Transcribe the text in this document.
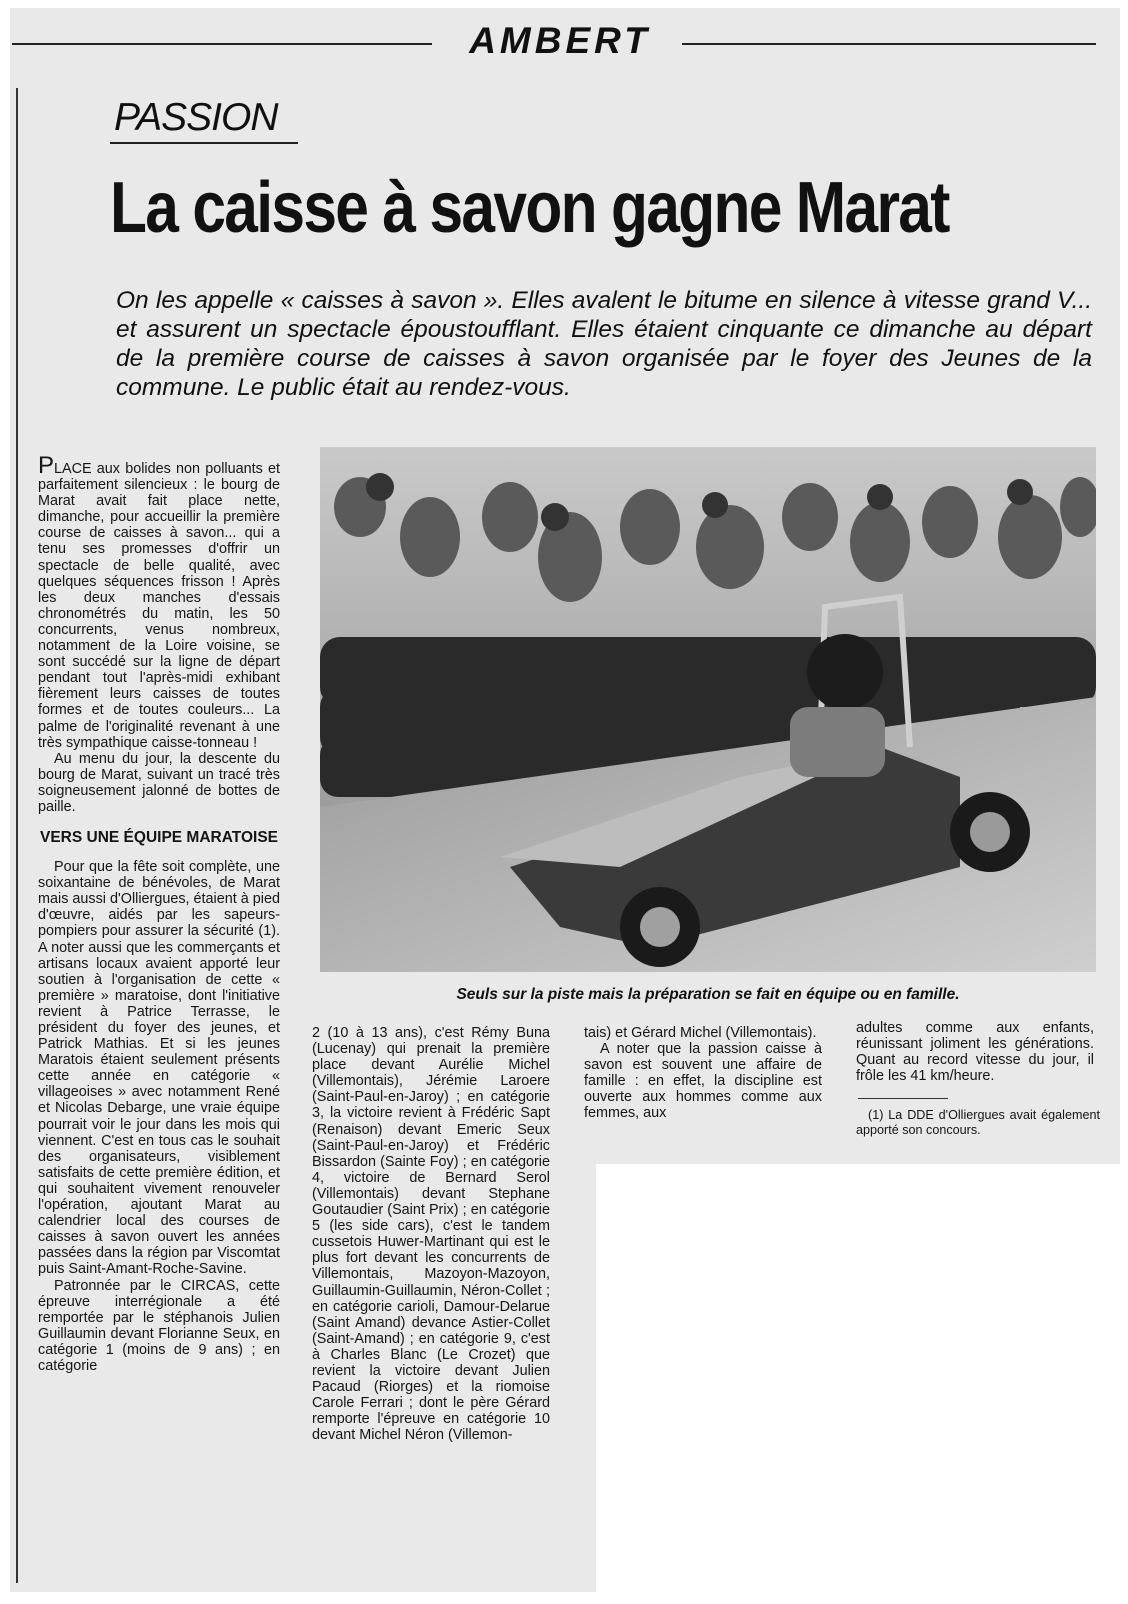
AMBERT
PASSION
La caisse à savon gagne Marat
On les appelle « caisses à savon ». Elles avalent le bitume en silence à vitesse grand V... et assurent un spectacle époustoufflant. Elles étaient cinquante ce dimanche au départ de la première course de caisses à savon organisée par le foyer des Jeunes de la commune. Le public était au rendez-vous.

PLACE aux bolides non polluants et parfaitement silencieux : le bourg de Marat avait fait place nette, dimanche, pour accueillir la première course de caisses à savon... qui a tenu ses promesses d'offrir un spectacle de belle qualité, avec quelques séquences frisson ! Après les deux manches d'essais chronométrés du matin, les 50 concurrents, venus nombreux, notamment de la Loire voisine, se sont succédé sur la ligne de départ pendant tout l'après-midi exhibant fièrement leurs caisses de toutes formes et de toutes couleurs... La palme de l'originalité revenant à une très sympathique caisse-tonneau !

Au menu du jour, la descente du bourg de Marat, suivant un tracé très soigneusement jalonné de bottes de paille.

VERS UNE ÉQUIPE MARATOISE

Pour que la fête soit complète, une soixantaine de bénévoles, de Marat mais aussi d'Olliergues, étaient à pied d'œuvre, aidés par les sapeurs-pompiers pour assurer la sécurité (1). A noter aussi que les commerçants et artisans locaux avaient apporté leur soutien à l'organisation de cette « première » maratoise, dont l'initiative revient à Patrice Terrasse, le président du foyer des jeunes, et Patrick Mathias. Et si les jeunes Maratois étaient seulement présents cette année en catégorie « villageoises » avec notamment René et Nicolas Debarge, une vraie équipe pourrait voir le jour dans les mois qui viennent. C'est en tous cas le souhait des organisateurs, visiblement satisfaits de cette première édition, et qui souhaitent vivement renouveler l'opération, ajoutant Marat au calendrier local des courses de caisses à savon ouvert les années passées dans la région par Viscomtat puis Saint-Amant-Roche-Savine.

Patronnée par le CIRCAS, cette épreuve interrégionale a été remportée par le stéphanois Julien Guillaumin devant Florianne Seux, en catégorie 1 (moins de 9 ans) ; en catégorie

Seuls sur la piste mais la préparation se fait en équipe ou en famille.

2 (10 à 13 ans), c'est Rémy Buna (Lucenay) qui prenait la première place devant Aurélie Michel (Villemontais), Jérémie Laroere (Saint-Paul-en-Jaroy) ; en catégorie 3, la victoire revient à Frédéric Sapt (Renaison) devant Emeric Seux (Saint-Paul-en-Jaroy) et Frédéric Bissardon (Sainte Foy) ; en catégorie 4, victoire de Bernard Serol (Villemontais) devant Stephane Goutaudier (Saint Prix) ; en catégorie 5 (les side cars), c'est le tandem cussetois Huwer-Martinant qui est le plus fort devant les concurrents de Villemontais, Mazoyon-Mazoyon, Guillaumin-Guillaumin, Néron-Collet ; en catégorie carioli, Damour-Delarue (Saint Amand) devance Astier-Collet (Saint-Amand) ; en catégorie 9, c'est à Charles Blanc (Le Crozet) que revient la victoire devant Julien Pacaud (Riorges) et la riomoise Carole Ferrari ; dont le père Gérard remporte l'épreuve en catégorie 10 devant Michel Néron (Villemon-

tais) et Gérard Michel (Villemontais).

A noter que la passion caisse à savon est souvent une affaire de famille : en effet, la discipline est ouverte aux hommes comme aux femmes, aux

adultes comme aux enfants, réunissant joliment les générations. Quant au record vitesse du jour, il frôle les 41 km/heure.

(1) La DDE d'Olliergues avait également apporté son concours.
